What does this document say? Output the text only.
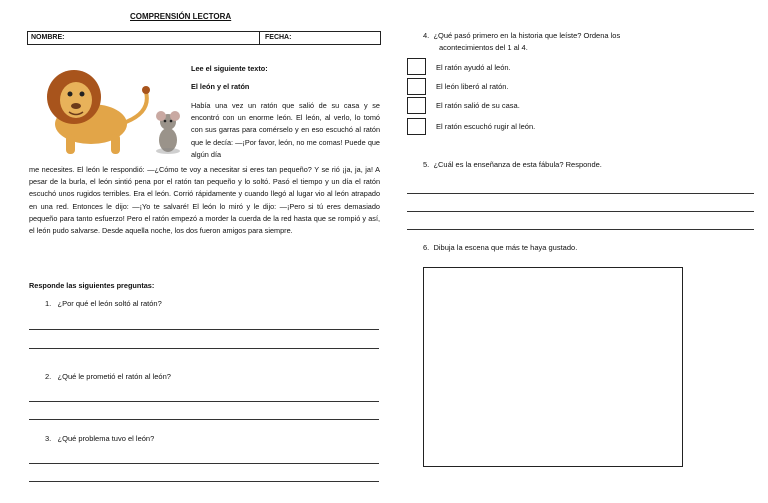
COMPRENSIÓN LECTORA
NOMBRE:	FECHA:
Lee el siguiente texto:
El león y el ratón
Había una vez un ratón que salió de su casa y se encontró con un enorme león. El león, al verlo, lo tomó con sus garras para comérselo y en eso escuchó al ratón que le decía: —¡Por favor, león, no me comas! Puede que algún día
me necesites. El león le respondió: —¿Cómo te voy a necesitar si eres tan pequeño? Y se rió ¡ja, ja, ja! A pesar de la burla, el león sintió pena por el ratón tan pequeño y lo soltó. Pasó el tiempo y un día el ratón escuchó unos rugidos terribles. Era el león. Corrió rápidamente y cuando llegó al lugar vio al león atrapado en una red. Entonces le dijo: —¡Yo te salvaré! El león lo miró y le dijo: —¡Pero si tú eres demasiado pequeño para tanto esfuerzo! Pero el ratón empezó a morder la cuerda de la red hasta que se rompió y así, el león pudo salvarse. Desde aquella noche, los dos fueron amigos para siempre.
Responde las siguientes preguntas:
1. ¿Por qué el león soltó al ratón?
2. ¿Qué le prometió el ratón al león?
3. ¿Qué problema tuvo el león?
4. ¿Qué pasó primero en la historia que leíste? Ordena los
acontecimientos del 1 al 4.
El ratón ayudó al león.
El león liberó al ratón.
El ratón salió de su casa.
El ratón escuchó rugir al león.
5. ¿Cuál es la enseñanza de esta fábula? Responde.
6. Dibuja la escena que más te haya gustado.
